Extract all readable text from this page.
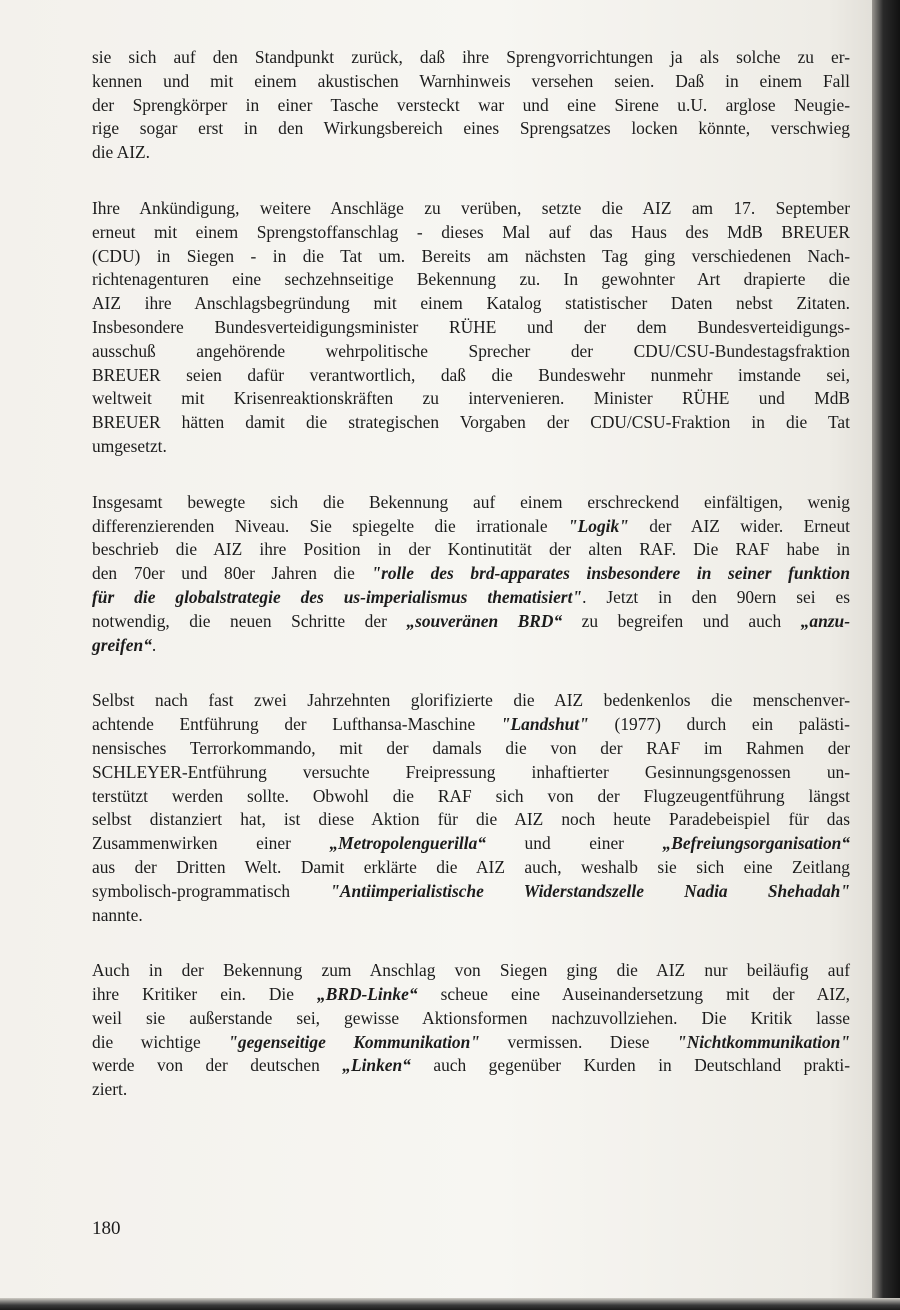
sie sich auf den Standpunkt zurück, daß ihre Sprengvorrichtungen ja als solche zu er-
kennen und mit einem akustischen Warnhinweis versehen seien. Daß in einem Fall
der Sprengkörper in einer Tasche versteckt war und eine Sirene u.U. arglose Neugie-
rige sogar erst in den Wirkungsbereich eines Sprengsatzes locken könnte, verschwieg
die AIZ.

Ihre Ankündigung, weitere Anschläge zu verüben, setzte die AIZ am 17. September
erneut mit einem Sprengstoffanschlag - dieses Mal auf das Haus des MdB BREUER
(CDU) in Siegen - in die Tat um. Bereits am nächsten Tag ging verschiedenen Nach-
richtenagenturen eine sechzehnseitige Bekennung zu. In gewohnter Art drapierte die
AIZ ihre Anschlagsbegründung mit einem Katalog statistischer Daten nebst Zitaten.
Insbesondere Bundesverteidigungsminister RÜHE und der dem Bundesverteidigungs-
ausschuß angehörende wehrpolitische Sprecher der CDU/CSU-Bundestagsfraktion
BREUER seien dafür verantwortlich, daß die Bundeswehr nunmehr imstande sei,
weltweit mit Krisenreaktionskräften zu intervenieren. Minister RÜHE und MdB
BREUER hätten damit die strategischen Vorgaben der CDU/CSU-Fraktion in die Tat
umgesetzt.

Insgesamt bewegte sich die Bekennung auf einem erschreckend einfältigen, wenig
differenzierenden Niveau. Sie spiegelte die irrationale "Logik" der AIZ wider. Erneut
beschrieb die AIZ ihre Position in der Kontinutität der alten RAF. Die RAF habe in
den 70er und 80er Jahren die "rolle des brd-apparates insbesondere in seiner funktion
für die globalstrategie des us-imperialismus thematisiert". Jetzt in den 90ern sei es
notwendig, die neuen Schritte der „souveränen BRD“ zu begreifen und auch „anzu-
greifen“.

Selbst nach fast zwei Jahrzehnten glorifizierte die AIZ bedenkenlos die menschenver-
achtende Entführung der Lufthansa-Maschine "Landshut" (1977) durch ein palästi-
nensisches Terrorkommando, mit der damals die von der RAF im Rahmen der
SCHLEYER-Entführung versuchte Freipressung inhaftierter Gesinnungsgenossen un-
terstützt werden sollte. Obwohl die RAF sich von der Flugzeugentführung längst
selbst distanziert hat, ist diese Aktion für die AIZ noch heute Paradebeispiel für das
Zusammenwirken einer „Metropolenguerilla“ und einer „Befreiungsorganisation“
aus der Dritten Welt. Damit erklärte die AIZ auch, weshalb sie sich eine Zeitlang
symbolisch-programmatisch "Antiimperialistische Widerstandszelle Nadia Shehadah"
nannte.

Auch in der Bekennung zum Anschlag von Siegen ging die AIZ nur beiläufig auf
ihre Kritiker ein. Die „BRD-Linke“ scheue eine Auseinandersetzung mit der AIZ,
weil sie außerstande sei, gewisse Aktionsformen nachzuvollziehen. Die Kritik lasse
die wichtige "gegenseitige Kommunikation" vermissen. Diese "Nichtkommunikation"
werde von der deutschen „Linken“ auch gegenüber Kurden in Deutschland prakti-
ziert.

180
